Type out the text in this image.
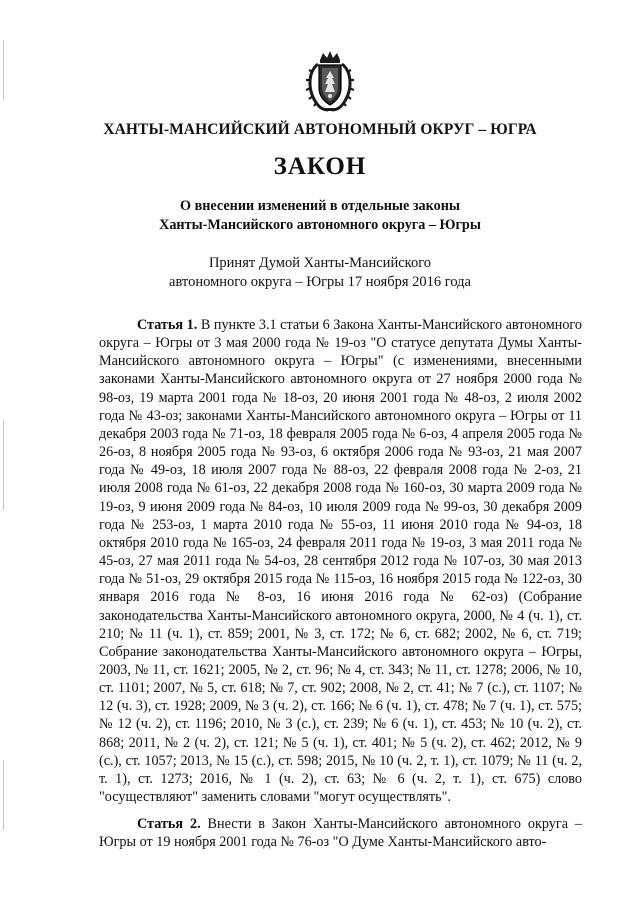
ХАНТЫ-МАНСИЙСКИЙ АВТОНОМНЫЙ ОКРУГ – ЮГРА
ЗАКОН
О внесении изменений в отдельные законы
Ханты-Мансийского автономного округа – Югры
Принят Думой Ханты-Мансийского
автономного округа – Югры 17 ноября 2016 года

Статья 1. В пункте 3.1 статьи 6 Закона Ханты-Мансийского автономного округа – Югры от 3 мая 2000 года № 19-оз "О статусе депутата Думы Ханты-Мансийского автономного округа – Югры" (с изменениями, внесенными законами Ханты-Мансийского автономного округа от 27 ноября 2000 года № 98-оз, 19 марта 2001 года № 18-оз, 20 июня 2001 года № 48-оз, 2 июля 2002 года № 43-оз; законами Ханты-Мансийского автономного округа – Югры от 11 декабря 2003 года № 71-оз, 18 февраля 2005 года № 6-оз, 4 апреля 2005 года № 26-оз, 8 ноября 2005 года № 93-оз, 6 октября 2006 года № 93-оз, 21 мая 2007 года № 49-оз, 18 июля 2007 года № 88-оз, 22 февраля 2008 года № 2-оз, 21 июля 2008 года № 61-оз, 22 декабря 2008 года № 160-оз, 30 марта 2009 года № 19-оз, 9 июня 2009 года № 84-оз, 10 июля 2009 года № 99-оз, 30 декабря 2009 года № 253-оз, 1 марта 2010 года № 55-оз, 11 июня 2010 года № 94-оз, 18 октября 2010 года № 165-оз, 24 февраля 2011 года № 19-оз, 3 мая 2011 года № 45-оз, 27 мая 2011 года № 54-оз, 28 сентября 2012 года № 107-оз, 30 мая 2013 года № 51-оз, 29 октября 2015 года № 115-оз, 16 ноября 2015 года № 122-оз, 30 января 2016 года № 8-оз, 16 июня 2016 года № 62-оз) (Собрание законодательства Ханты-Мансийского автономного округа, 2000, № 4 (ч. 1), ст. 210; № 11 (ч. 1), ст. 859; 2001, № 3, ст. 172; № 6, ст. 682; 2002, № 6, ст. 719; Собрание законодательства Ханты-Мансийского автономного округа – Югры, 2003, № 11, ст. 1621; 2005, № 2, ст. 96; № 4, ст. 343; № 11, ст. 1278; 2006, № 10, ст. 1101; 2007, № 5, ст. 618; № 7, ст. 902; 2008, № 2, ст. 41; № 7 (с.), ст. 1107; № 12 (ч. 3), ст. 1928; 2009, № 3 (ч. 2), ст. 166; № 6 (ч. 1), ст. 478; № 7 (ч. 1), ст. 575; № 12 (ч. 2), ст. 1196; 2010, № 3 (с.), ст. 239; № 6 (ч. 1), ст. 453; № 10 (ч. 2), ст. 868; 2011, № 2 (ч. 2), ст. 121; № 5 (ч. 1), ст. 401; № 5 (ч. 2), ст. 462; 2012, № 9 (с.), ст. 1057; 2013, № 15 (с.), ст. 598; 2015, № 10 (ч. 2, т. 1), ст. 1079; № 11 (ч. 2, т. 1), ст. 1273; 2016, № 1 (ч. 2), ст. 63; № 6 (ч. 2, т. 1), ст. 675) слово "осуществляют" заменить словами "могут осуществлять".

Статья 2. Внести в Закон Ханты-Мансийского автономного округа – Югры от 19 ноября 2001 года № 76-оз "О Думе Ханты-Мансийского авто-
